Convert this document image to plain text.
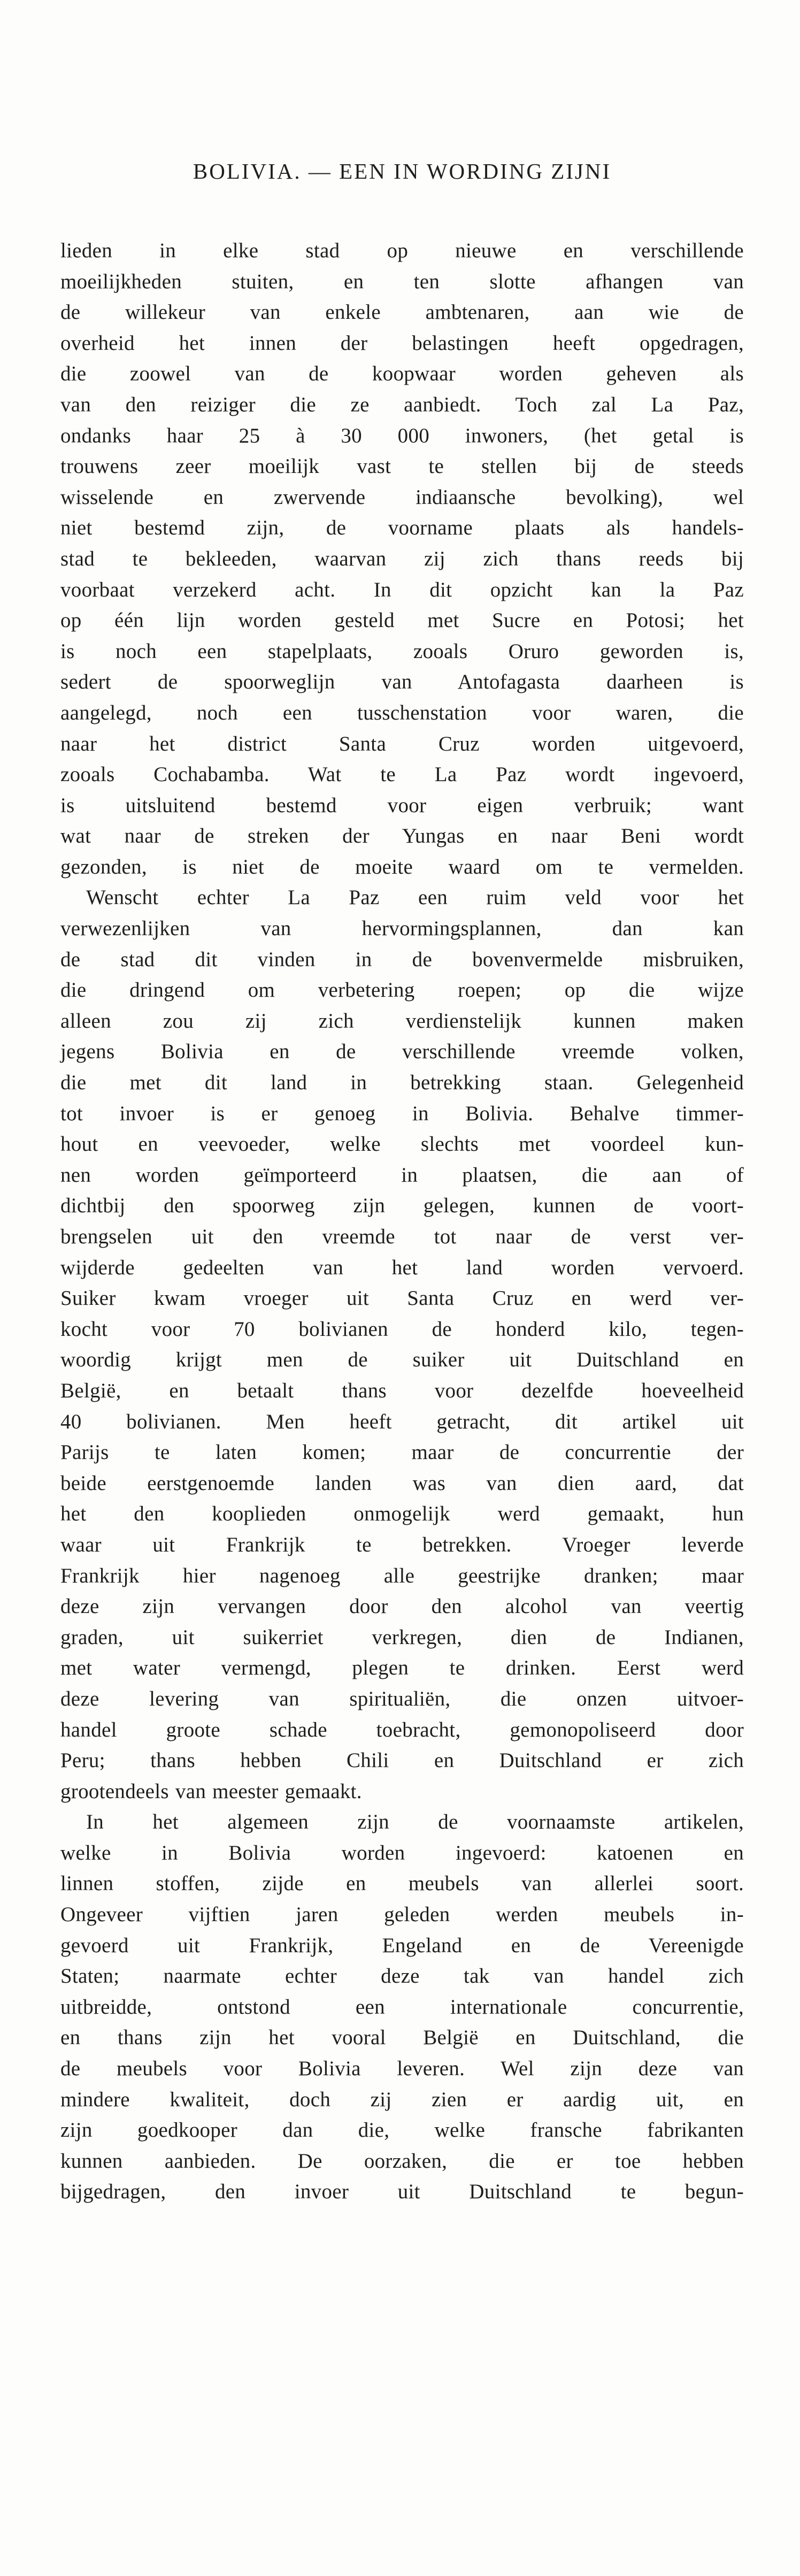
BOLIVIA. — EEN IN WORDING ZIJNI
lieden in elke stad op nieuwe en verschillende
moeilijkheden stuiten, en ten slotte afhangen van
de willekeur van enkele ambtenaren, aan wie de
overheid het innen der belastingen heeft opgedragen,
die zoowel van de koopwaar worden geheven als
van den reiziger die ze aanbiedt. Toch zal La Paz,
ondanks haar 25 à 30 000 inwoners, (het getal is
trouwens zeer moeilijk vast te stellen bij de steeds
wisselende en zwervende indiaansche bevolking), wel
niet bestemd zijn, de voorname plaats als handels-
stad te bekleeden, waarvan zij zich thans reeds bij
voorbaat verzekerd acht. In dit opzicht kan la Paz
op één lijn worden gesteld met Sucre en Potosi; het
is noch een stapelplaats, zooals Oruro geworden is,
sedert de spoorweglijn van Antofagasta daarheen is
aangelegd, noch een tusschenstation voor waren, die
naar het district Santa Cruz worden uitgevoerd,
zooals Cochabamba. Wat te La Paz wordt ingevoerd,
is uitsluitend bestemd voor eigen verbruik; want
wat naar de streken der Yungas en naar Beni wordt
gezonden, is niet de moeite waard om te vermelden.
Wenscht echter La Paz een ruim veld voor het
verwezenlijken van hervormingsplannen, dan kan
de stad dit vinden in de bovenvermelde misbruiken,
die dringend om verbetering roepen; op die wijze
alleen zou zij zich verdienstelijk kunnen maken
jegens Bolivia en de verschillende vreemde volken,
die met dit land in betrekking staan. Gelegenheid
tot invoer is er genoeg in Bolivia. Behalve timmer-
hout en veevoeder, welke slechts met voordeel kun-
nen worden geïmporteerd in plaatsen, die aan of
dichtbij den spoorweg zijn gelegen, kunnen de voort-
brengselen uit den vreemde tot naar de verst ver-
wijderde gedeelten van het land worden vervoerd.
Suiker kwam vroeger uit Santa Cruz en werd ver-
kocht voor 70 bolivianen de honderd kilo, tegen-
woordig krijgt men de suiker uit Duitschland en
België, en betaalt thans voor dezelfde hoeveelheid
40 bolivianen. Men heeft getracht, dit artikel uit
Parijs te laten komen; maar de concurrentie der
beide eerstgenoemde landen was van dien aard, dat
het den kooplieden onmogelijk werd gemaakt, hun
waar uit Frankrijk te betrekken. Vroeger leverde
Frankrijk hier nagenoeg alle geestrijke dranken; maar
deze zijn vervangen door den alcohol van veertig
graden, uit suikerriet verkregen, dien de Indianen,
met water vermengd, plegen te drinken. Eerst werd
deze levering van spiritualiën, die onzen uitvoer-
handel groote schade toebracht, gemonopoliseerd door
Peru; thans hebben Chili en Duitschland er zich
grootendeels van meester gemaakt.
In het algemeen zijn de voornaamste artikelen,
welke in Bolivia worden ingevoerd: katoenen en
linnen stoffen, zijde en meubels van allerlei soort.
Ongeveer vijftien jaren geleden werden meubels in-
gevoerd uit Frankrijk, Engeland en de Vereenigde
Staten; naarmate echter deze tak van handel zich
uitbreidde, ontstond een internationale concurrentie,
en thans zijn het vooral België en Duitschland, die
de meubels voor Bolivia leveren. Wel zijn deze van
mindere kwaliteit, doch zij zien er aardig uit, en
zijn goedkooper dan die, welke fransche fabrikanten
kunnen aanbieden. De oorzaken, die er toe hebben
bijgedragen, den invoer uit Duitschland te begun-
